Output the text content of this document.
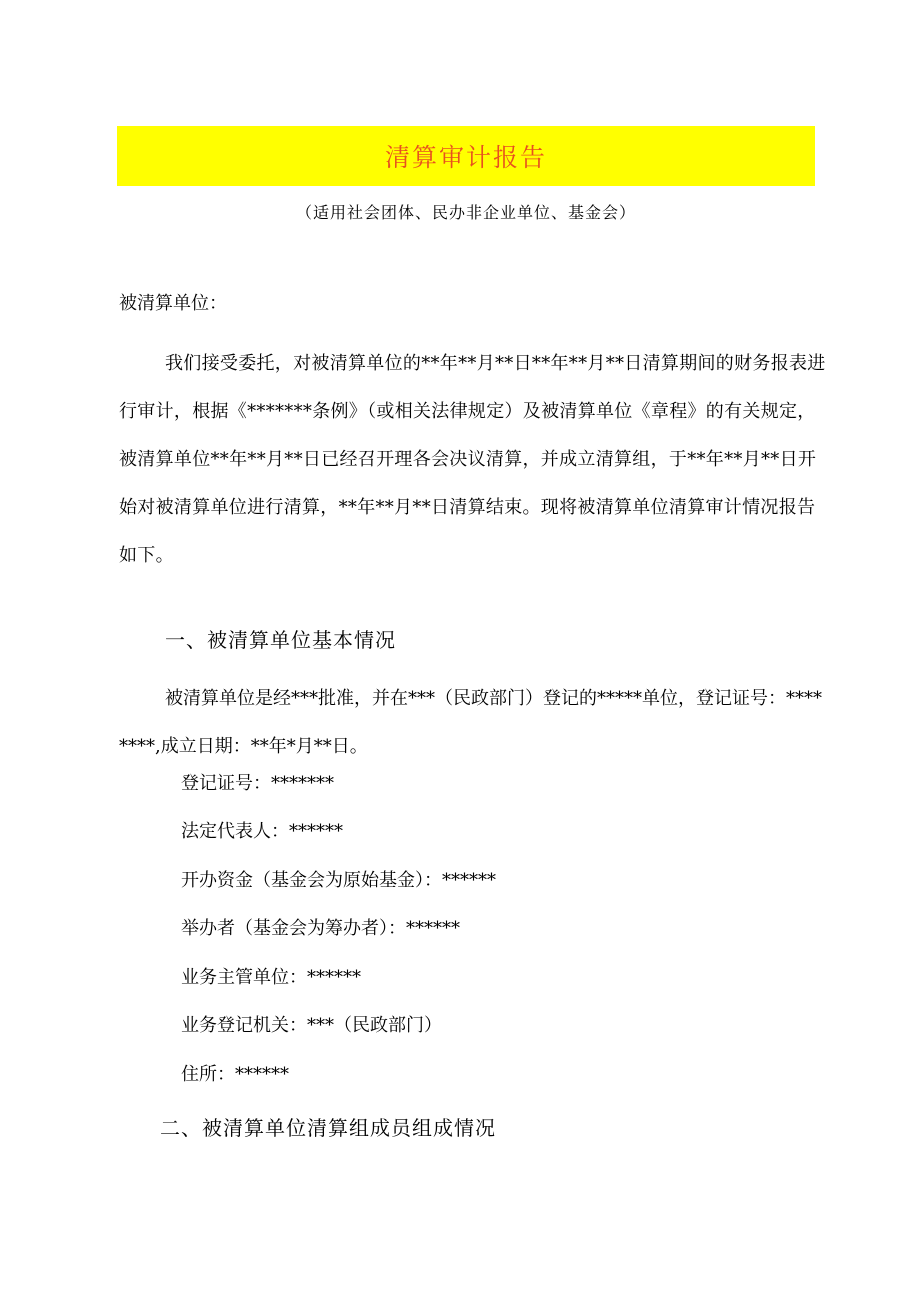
清算审计报告
（适用社会团体、民办非企业单位、基金会）

被清算单位：

我们接受委托，对被清算单位的**年**月**日**年**月**日清算期间的财务报表进行审计，根据《*******条例》（或相关法律规定）及被清算单位《章程》的有关规定，被清算单位**年**月**日已经召开理各会决议清算，并成立清算组，于**年**月**日开始对被清算单位进行清算，**年**月**日清算结束。现将被清算单位清算审计情况报告如下。

一、被清算单位基本情况

被清算单位是经***批准，并在***（民政部门）登记的*****单位，登记证号：********,成立日期：**年*月**日。

登记证号：*******
法定代表人：******
开办资金（基金会为原始基金）：******
举办者（基金会为筹办者）：******
业务主管单位：******
业务登记机关：***（民政部门）
住所：******
二、被清算单位清算组成员组成情况
